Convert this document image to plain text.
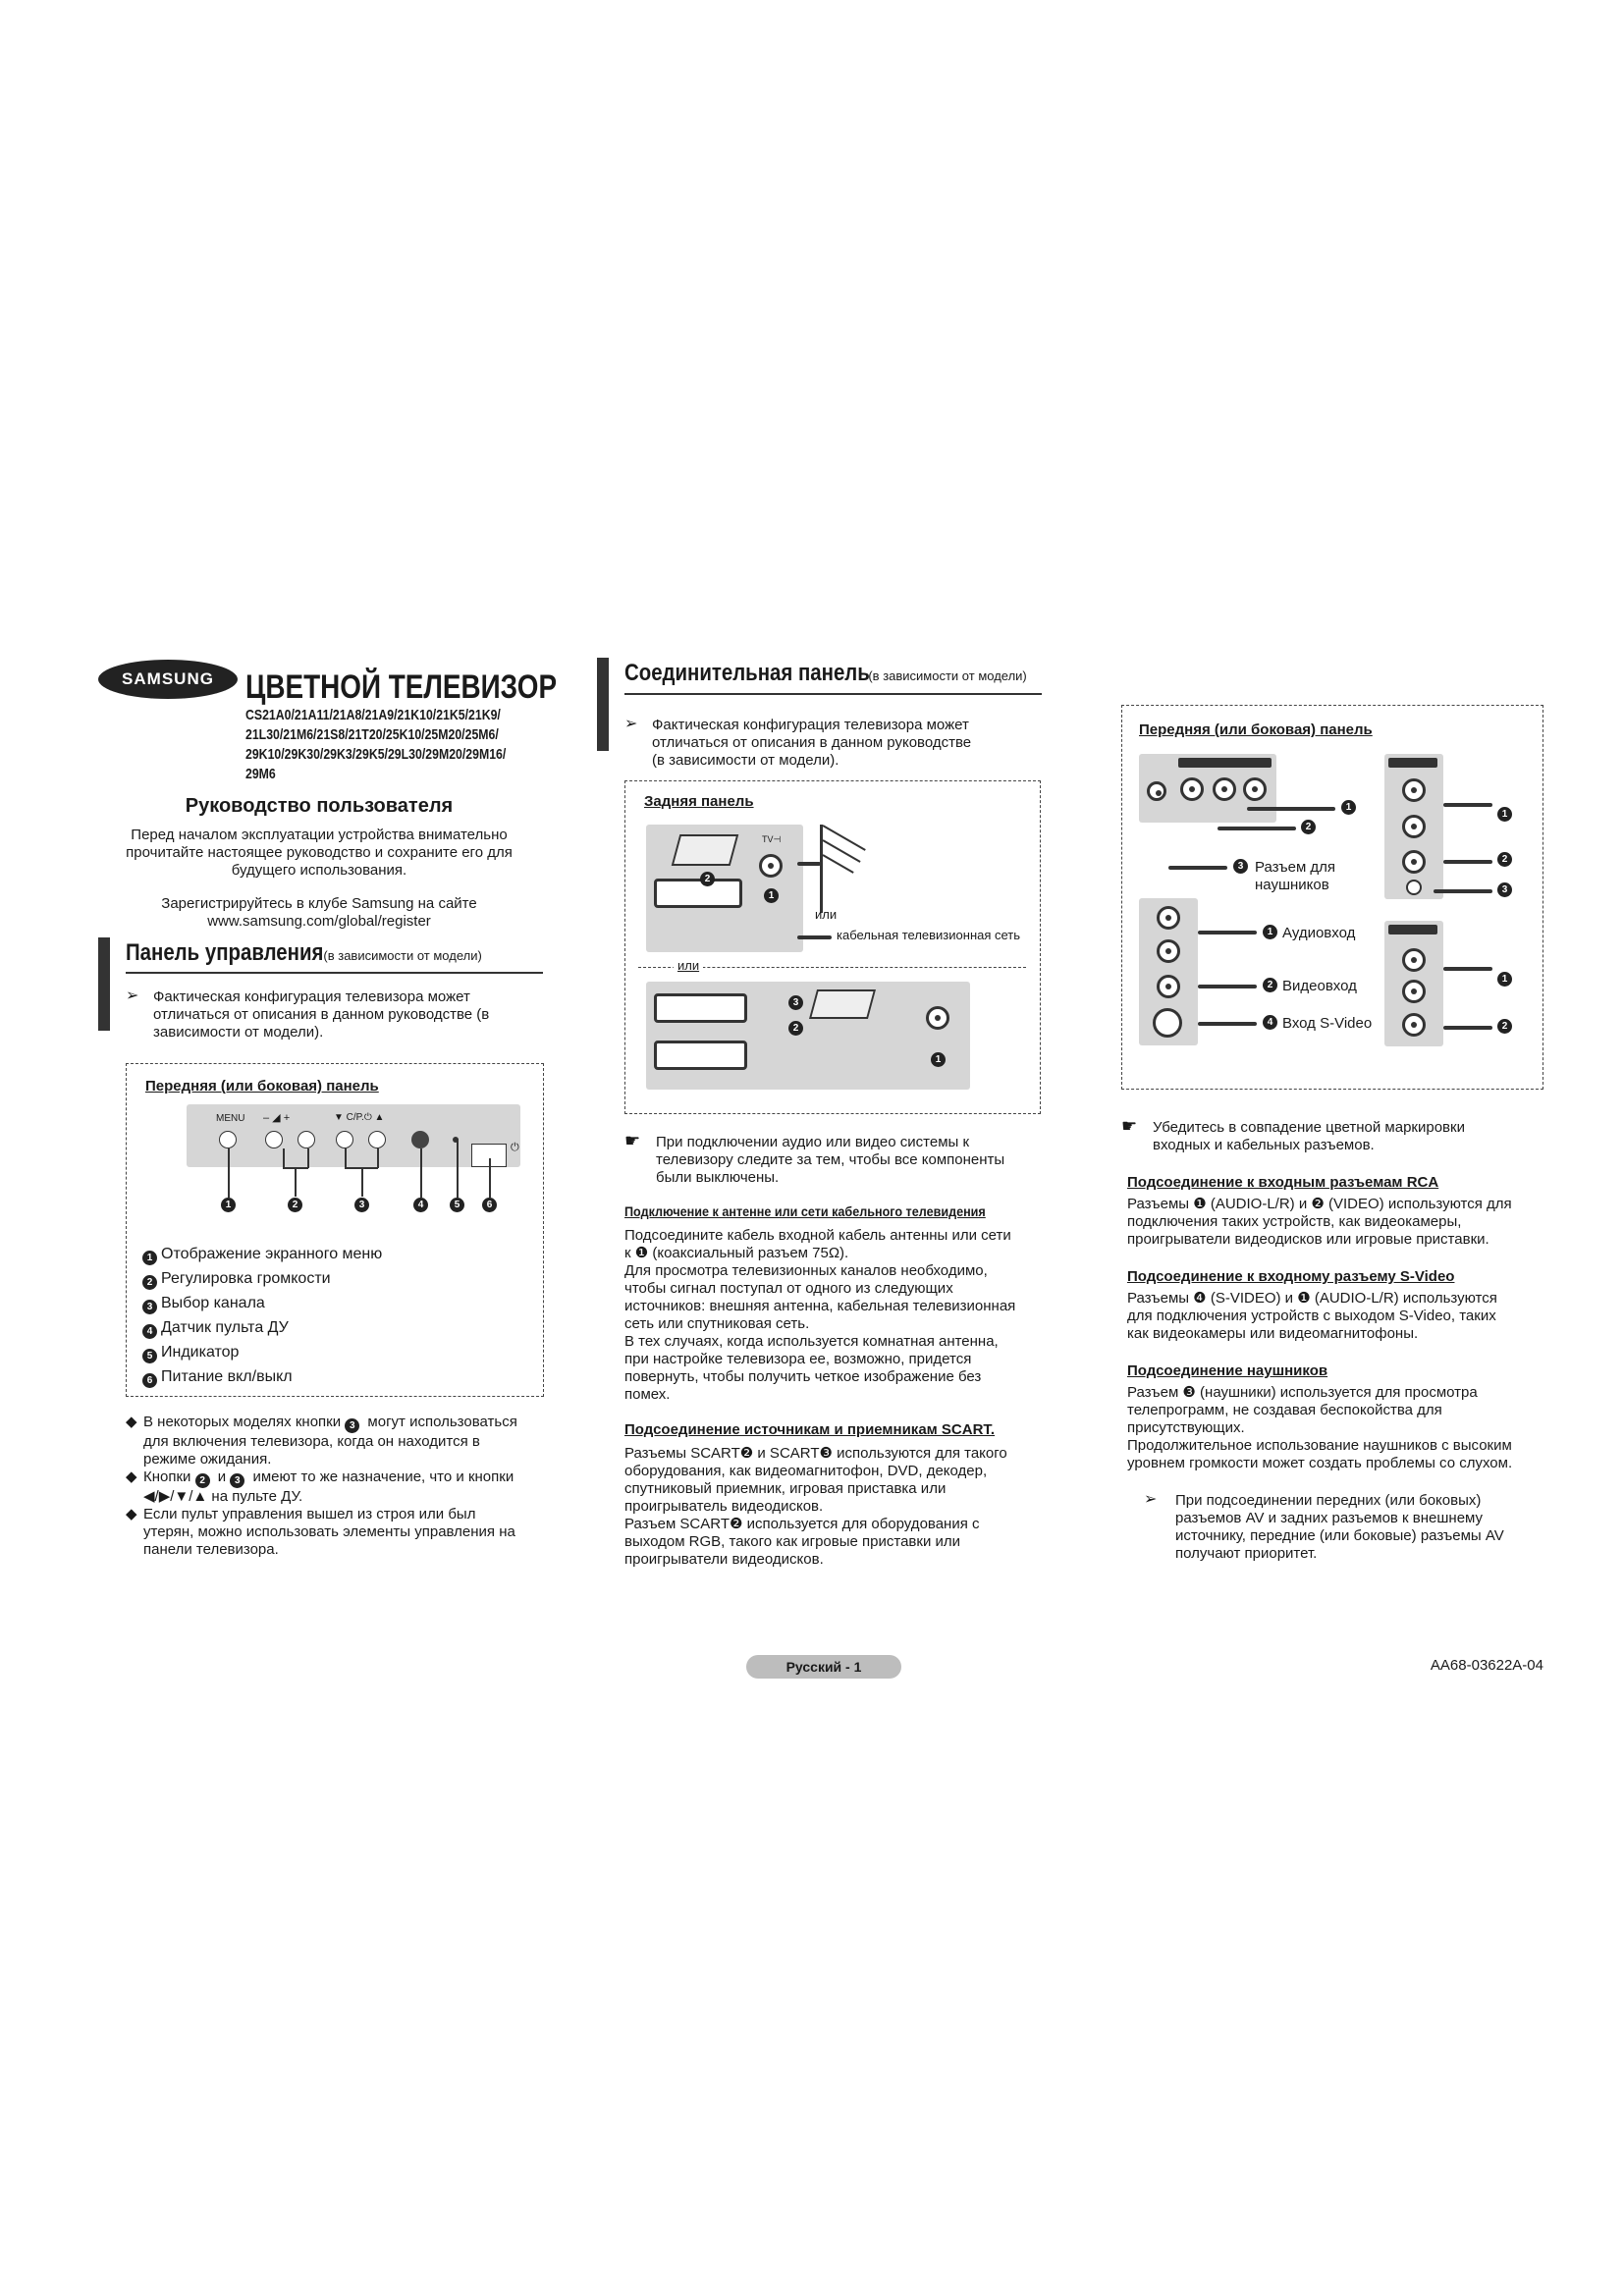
SAMSUNG ЦВЕТНОЙ ТЕЛЕВИЗОР
CS21A0/21A11/21A8/21A9/21K10/21K5/21K9/
21L30/21M6/21S8/21T20/25K10/25M20/25M6/
29K10/29K30/29K3/29K5/29L30/29M20/29M16/
29M6
Руководство пользователя
Перед началом эксплуатации устройства внимательно
прочитайте настоящее руководство и сохраните его для
будущего использования.
Зарегистрируйтесь в клубе Samsung на сайте
www.samsung.com/global/register
Панель управления (в зависимости от модели)
➢ Фактическая конфигурация телевизора может
отличаться от описания в данном руководстве (в
зависимости от модели).
Передняя (или боковая) панель
MENU – ◢ +	▼ C/P.⏻ ▲
⏻
1	2	3	4	5	6
1 Отображение экранного меню
2 Регулировка громкости
3 Выбор канала
4 Датчик пульта ДУ
5 Индикатор
6 Питание вкл/выкл
◆ В некоторых моделях кнопки 3 могут использоваться
для включения телевизора, когда он находится в
режиме ожидания.
◆ Кнопки 2 и 3 имеют то же назначение, что и кнопки
◀/▶/▼/▲ на пульте ДУ.
◆ Если пульт управления вышел из строя или был
утерян, можно использовать элементы управления на
панели телевизора.
Соединительная панель (в зависимости от модели)
➢ Фактическая конфигурация телевизора может
отличаться от описания в данном руководстве
(в зависимости от модели).
Задняя панель
2
TV⊣
1
или
кабельная телевизионная сеть
или
3
2
1
☛ При подключении аудио или видео системы к
телевизору следите за тем, чтобы все компоненты
были выключены.
Подключение к антенне или сети кабельного телевидения
Подсоедините кабель входной кабель антенны или сети
к ❶ (коаксиальный разъем 75Ω).
Для просмотра телевизионных каналов необходимо,
чтобы сигнал поступал от одного из следующих
источников: внешняя антенна, кабельная телевизионная
сеть или спутниковая сеть.
В тех случаях, когда используется комнатная антенна,
при настройке телевизора ее, возможно, придется
повернуть, чтобы получить четкое изображение без
помех.
Подсоединение источникам и приемникам SCART.
Разъемы SCART❷ и SCART❸ используются для такого
оборудования, как видеомагнитофон, DVD, декодер,
спутниковый приемник, игровая приставка или
проигрыватель видеодисков.
Разъем SCART❷ используется для оборудования с
выходом RGB, такого как игровые приставки или
проигрыватели видеодисков.
Передняя (или боковая) панель
1
2
3 Разъем для
наушников
1
2
3
1
2
4
Аудиовход
Видеовход
Вход S-Video
1
2
☛ Убедитесь в совпадение цветной маркировки
входных и кабельных разъемов.
Подсоединение к входным разъемам RCA
Разъемы ❶ (AUDIO-L/R) и ❷ (VIDEO) используются для
подключения таких устройств, как видеокамеры,
проигрыватели видеодисков или игровые приставки.
Подсоединение к входному разъему S-Video
Разъемы ❹ (S-VIDEO) и ❶ (AUDIO-L/R) используются
для подключения устройств с выходом S-Video, таких
как видеокамеры или видеомагнитофоны.
Подсоединение наушников
Разъем ❸ (наушники) используется для просмотра
телепрограмм, не создавая беспокойства для
присутствующих.
Продолжительное использование наушников с высоким
уровнем громкости может создать проблемы со слухом.
➢ При подсоединении передних (или боковых)
разъемов AV и задних разъемов к внешнему
источнику, передние (или боковые) разъемы AV
получают приоритет.
Русский - 1	AA68-03622A-04
